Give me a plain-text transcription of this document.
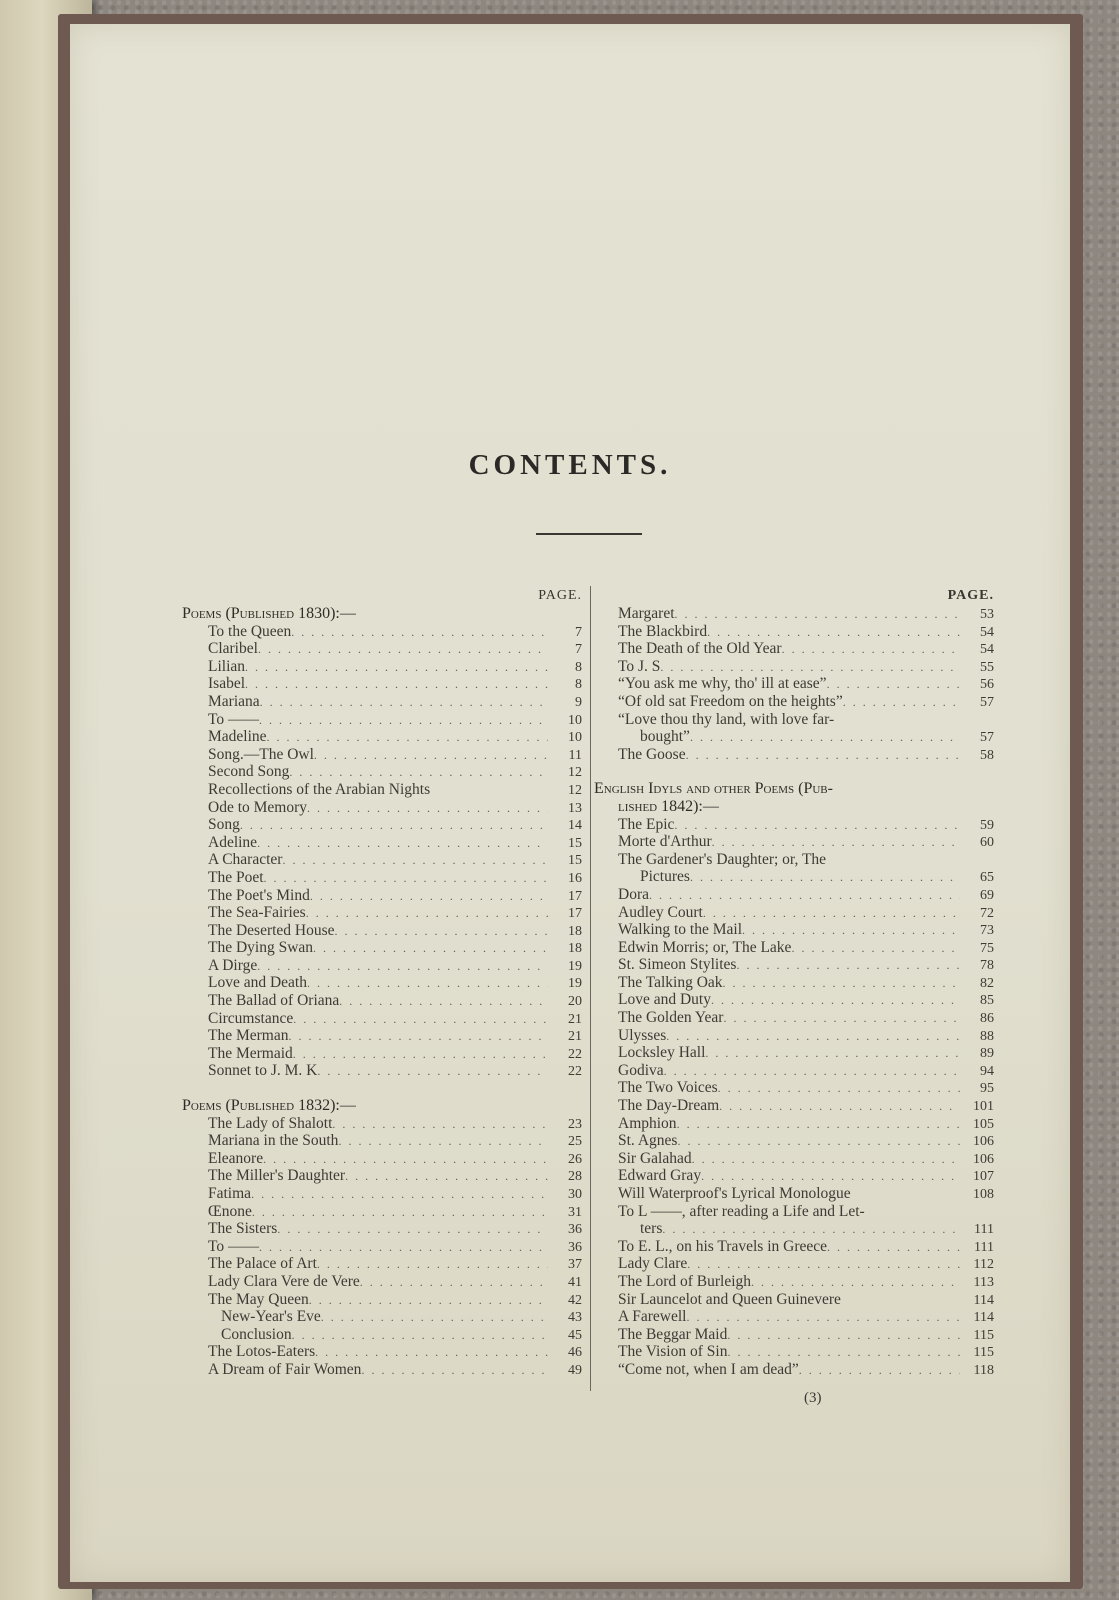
CONTENTS.
PAGE.
Poems (Published 1830):—
To the Queen . . .	7
Claribel . . .	7
Lilian . . .	8
Isabel . . .	8
Mariana . . .	9
To —— . . .	10
Madeline . . .	10
Song.—The Owl . . .	11
Second Song . . .	12
Recollections of the Arabian Nights	12
Ode to Memory . . .	13
Song . . .	14
Adeline . . .	15
A Character . . .	15
The Poet . . .	16
The Poet's Mind . . .	17
The Sea-Fairies . . .	17
The Deserted House . . .	18
The Dying Swan . . .	18
A Dirge . . .	19
Love and Death . . .	19
The Ballad of Oriana . . .	20
Circumstance . . .	21
The Merman . . .	21
The Mermaid . . .	22
Sonnet to J. M. K . . .	22
Poems (Published 1832):—
The Lady of Shalott . . .	23
Mariana in the South . . .	25
Eleanore . . .	26
The Miller's Daughter . . .	28
Fatima . . .	30
Œnone . . .	31
The Sisters . . .	36
To —— . . .	36
The Palace of Art . . .	37
Lady Clara Vere de Vere . . .	41
The May Queen . . .	42
New-Year's Eve . . .	43
Conclusion . . .	45
The Lotos-Eaters . . .	46
A Dream of Fair Women . . .	49
PAGE.
Margaret . . .	53
The Blackbird . . .	54
The Death of the Old Year . . .	54
To J. S . . .	55
“You ask me why, tho' ill at ease” . . .	56
“Of old sat Freedom on the heights” . . .	57
“Love thou thy land, with love far-
bought” . . .	57
The Goose . . .	58
English Idyls and other Poems (Pub-
lished 1842):—
The Epic . . .	59
Morte d'Arthur . . .	60
The Gardener's Daughter; or, The
Pictures . . .	65
Dora . . .	69
Audley Court . . .	72
Walking to the Mail . . .	73
Edwin Morris; or, The Lake . . .	75
St. Simeon Stylites . . .	78
The Talking Oak . . .	82
Love and Duty . . .	85
The Golden Year . . .	86
Ulysses . . .	88
Locksley Hall . . .	89
Godiva . . .	94
The Two Voices . . .	95
The Day-Dream . . .	101
Amphion . . .	105
St. Agnes . . .	106
Sir Galahad . . .	106
Edward Gray . . .	107
Will Waterproof's Lyrical Monologue	108
To L ——, after reading a Life and Let-
ters . . .	111
To E. L., on his Travels in Greece . . .	111
Lady Clare . . .	112
The Lord of Burleigh . . .	113
Sir Launcelot and Queen Guinevere	114
A Farewell . . .	114
The Beggar Maid . . .	115
The Vision of Sin . . .	115
“Come not, when I am dead” . . .	118
(3)
